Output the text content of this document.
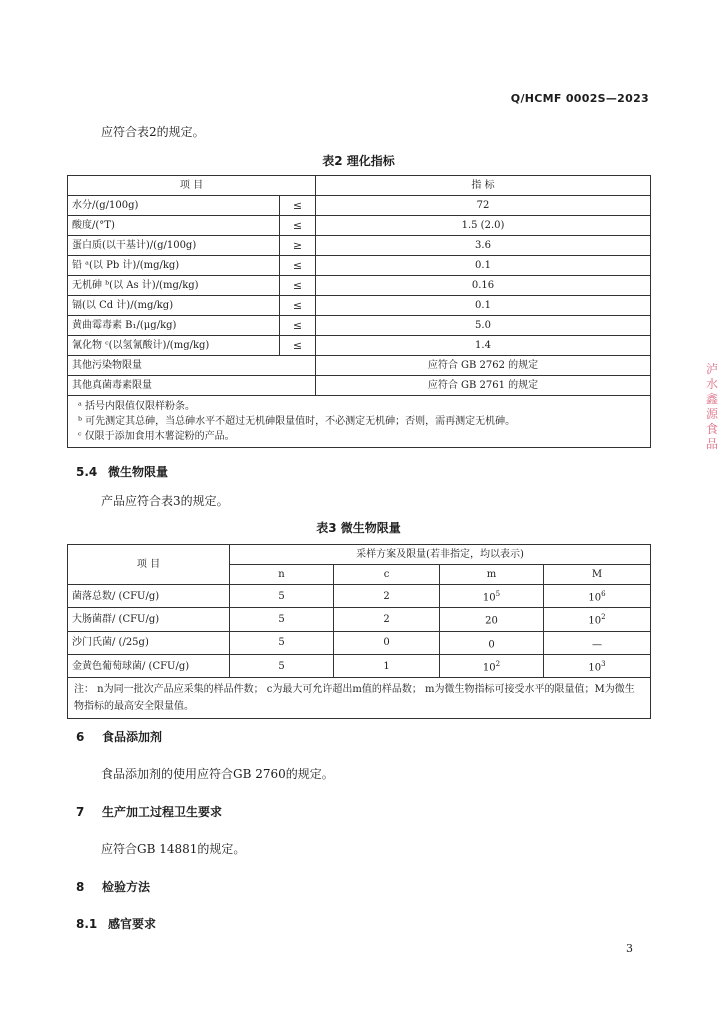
Q/HCMF 0002S—2023
应符合表2的规定。
表2 理化指标
项 目		指 标
水分/(g/100g)	≤	72
酸度/(°T)	≤	1.5 (2.0)
蛋白质(以干基计)/(g/100g)	≥	3.6
铅 ᵃ(以 Pb 计)/(mg/kg)	≤	0.1
无机砷 ᵇ(以 As 计)/(mg/kg)	≤	0.16
镉(以 Cd 计)/(mg/kg)	≤	0.1
黄曲霉毒素 B₁/(μg/kg)	≤	5.0
氰化物 ᶜ(以氢氰酸计)/(mg/kg)	≤	1.4
其他污染物限量		应符合 GB 2762 的规定
其他真菌毒素限量		应符合 GB 2761 的规定

ᵃ 括号内限值仅限样粉条。
ᵇ 可先测定其总砷，当总砷水平不超过无机砷限量值时，不必测定无机砷；否则，需再测定无机砷。
ᶜ 仅限于添加食用木薯淀粉的产品。		
5.4 微生物限量
产品应符合表3的规定。
表3 微生物限量
项 目	采样方案及限量(若非指定，均以表示)			
	n	c	m	M
菌落总数/ (CFU/g)	5	2	$10^5$	$10^6$
大肠菌群/ (CFU/g)	5	2	20	$10^2$
沙门氏菌/ (/25g)	5	0	0	—
金黄色葡萄球菌/ (CFU/g)	5	1	$10^2$	$10^3$
注： n为同一批次产品应采集的样品件数； c为最大可允许超出m值的样品数； m为微生物指标可接受水平的限量值；M为微生物指标的最高安全限量值。				
6 食品添加剂
食品添加剂的使用应符合GB 2760的规定。
7 生产加工过程卫生要求
应符合GB 14881的规定。
8 检验方法
8.1 感官要求
3
泸水鑫源食品
